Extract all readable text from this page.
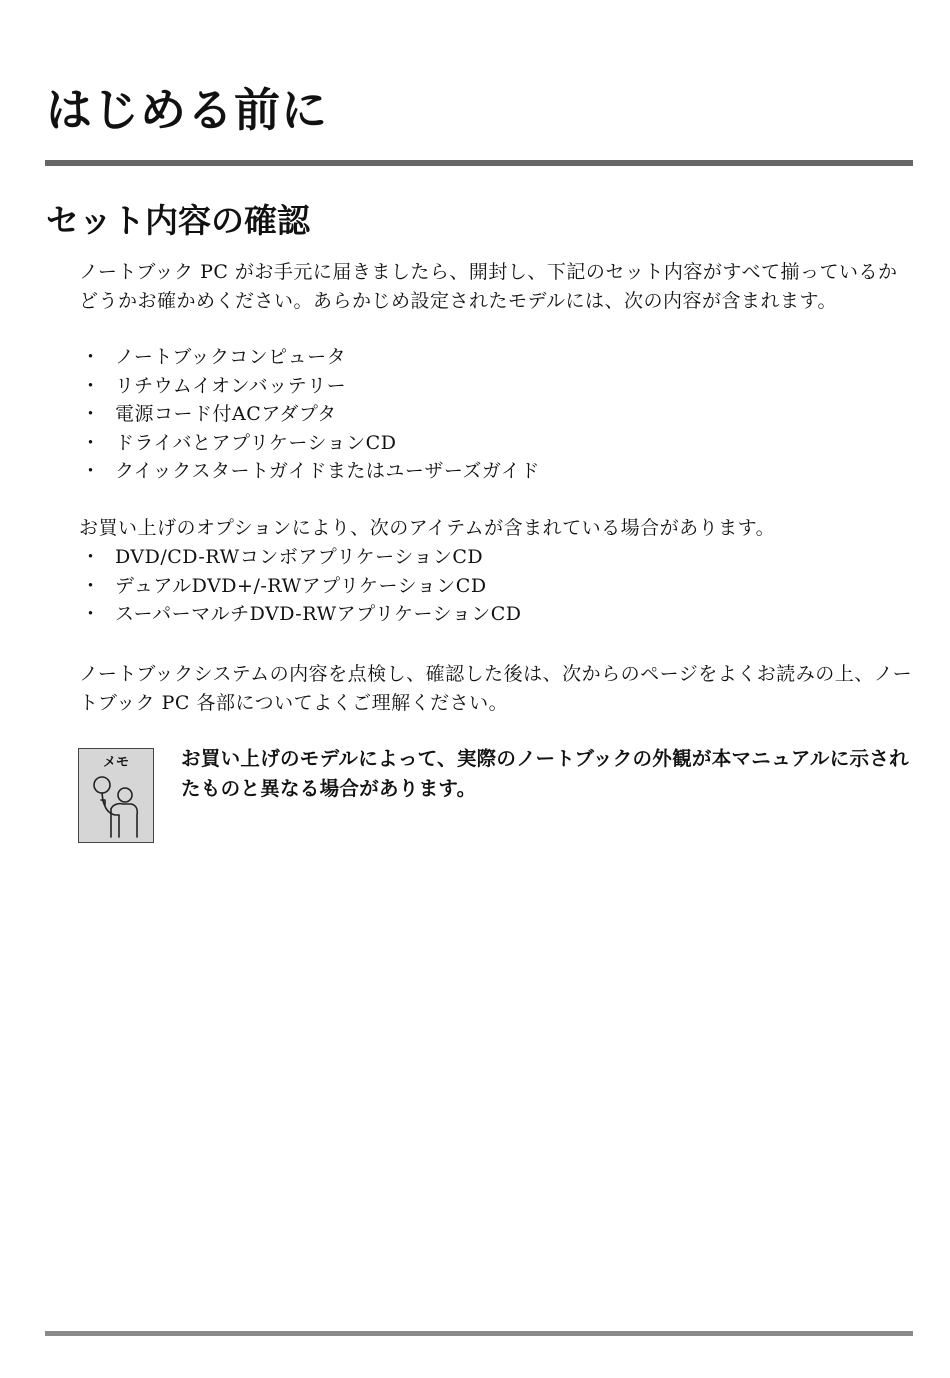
はじめる前に
セット内容の確認

ノートブック PC がお手元に届きましたら、開封し、下記のセット内容がすべて揃っているかどうかお確かめください。あらかじめ設定されたモデルには、次の内容が含まれます。

・ ノートブックコンピュータ
・ リチウムイオンバッテリー
・ 電源コード付ACアダプタ
・ ドライバとアプリケーションCD
・ クイックスタートガイドまたはユーザーズガイド

お買い上げのオプションにより、次のアイテムが含まれている場合があります。

・ DVD/CD-RWコンボアプリケーションCD
・ デュアルDVD+/-RWアプリケーションCD
・ スーパーマルチDVD-RWアプリケーションCD

ノートブックシステムの内容を点検し、確認した後は、次からのページをよくお読みの上、ノートブック PC 各部についてよくご理解ください。

メモ	お買い上げのモデルによって、実際のノートブックの外観が本マニュアルに示されたものと異なる場合があります。
